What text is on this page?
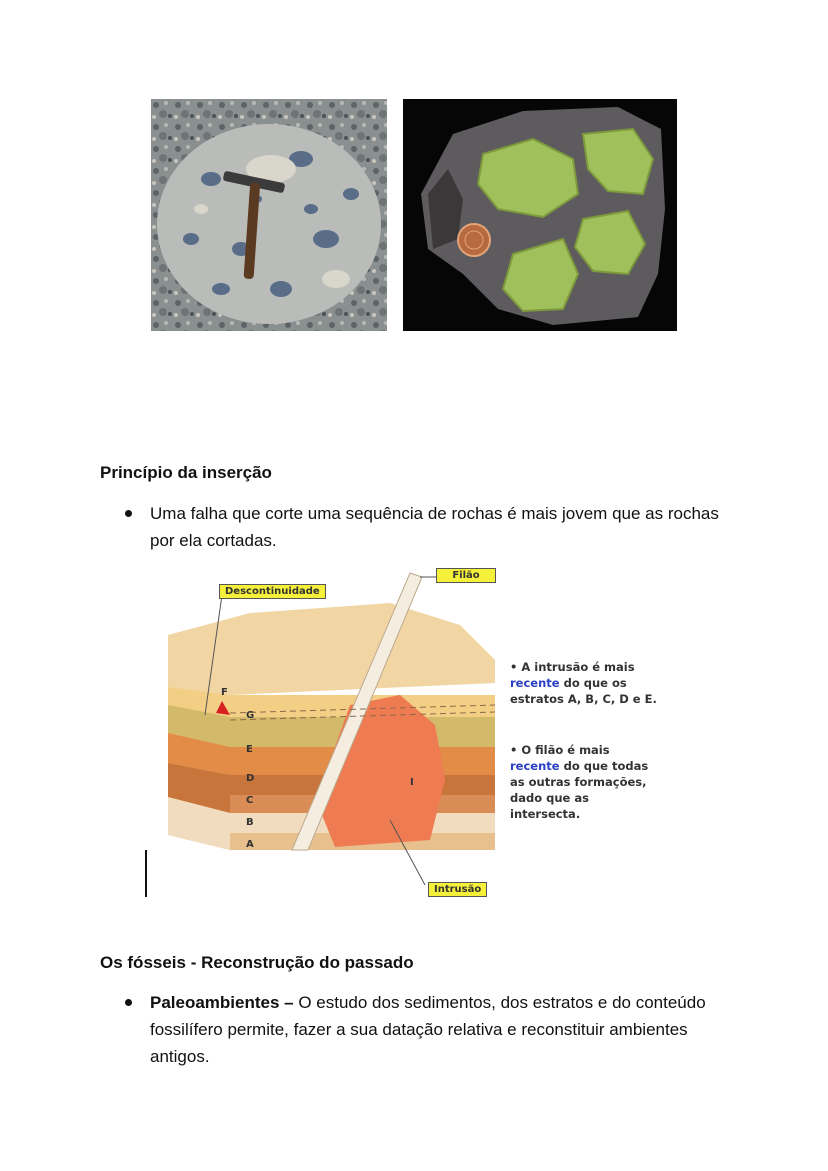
Princípio da inserção
Uma falha que corte uma sequência de rochas é mais jovem que as rochas por ela cortadas.
G
F
E
D
C
B
A
I
Descontinuidade
Filão
Intrusão
• A intrusão é mais
recente do que os estratos A, B, C, D e E.
• O filão é mais
recente do que todas as outras formações, dado que as intersecta.
Os fósseis - Reconstrução do passado
Paleoambientes – O estudo dos sedimentos, dos estratos e do conteúdo fossilífero permite, fazer a sua datação relativa e reconstituir ambientes antigos.
